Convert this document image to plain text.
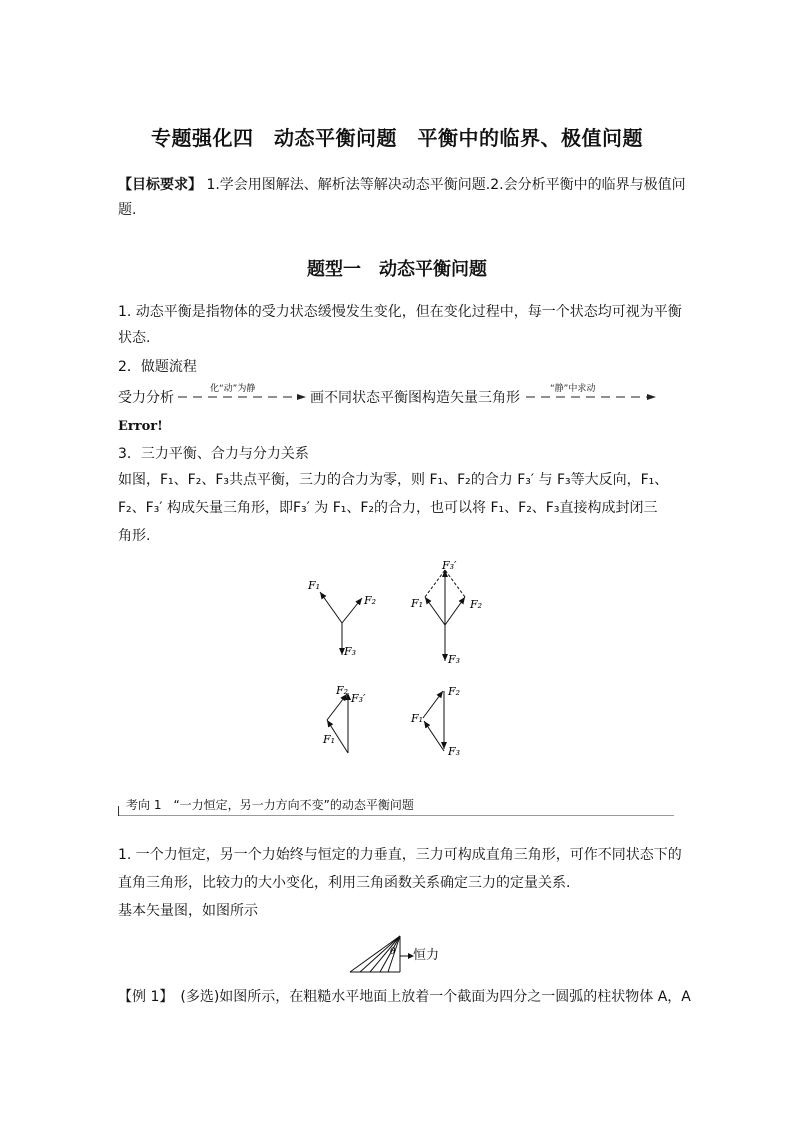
专题强化四　动态平衡问题　平衡中的临界、极值问题
【目标要求】 1.学会用图解法、解析法等解决动态平衡问题.2.会分析平衡中的临界与极值问
题.
题型一　动态平衡问题
1. 动态平衡是指物体的受力状态缓慢发生变化，但在变化过程中，每一个状态均可视为平衡
状态.
2．做题流程
受力分析
化“动”为静
画不同状态平衡图构造矢量三角形
“静”中求动
Error!
3．三力平衡、合力与分力关系
如图，F₁、F₂、F₃共点平衡，三力的合力为零，则 F₁、F₂的合力 F₃′ 与 F₃等大反向，F₁、
F₂、F₃′ 构成矢量三角形，即F₃′ 为 F₁、F₂的合力，也可以将 F₁、F₂、F₃直接构成封闭三
角形.
F₁
F₂
F₃
F₃′
F₁	F₂
F₃
F₂
F₃′
F₁
F₂
F₁
F₃
考向 1　“一力恒定，另一力方向不变”的动态平衡问题
1. 一个力恒定，另一个力始终与恒定的力垂直，三力可构成直角三角形，可作不同状态下的
直角三角形，比较力的大小变化，利用三角函数关系确定三力的定量关系.
基本矢量图，如图所示
θ 恒力
【例 1】　(多选)如图所示，在粗糙水平地面上放着一个截面为四分之一圆弧的柱状物体 A，A
